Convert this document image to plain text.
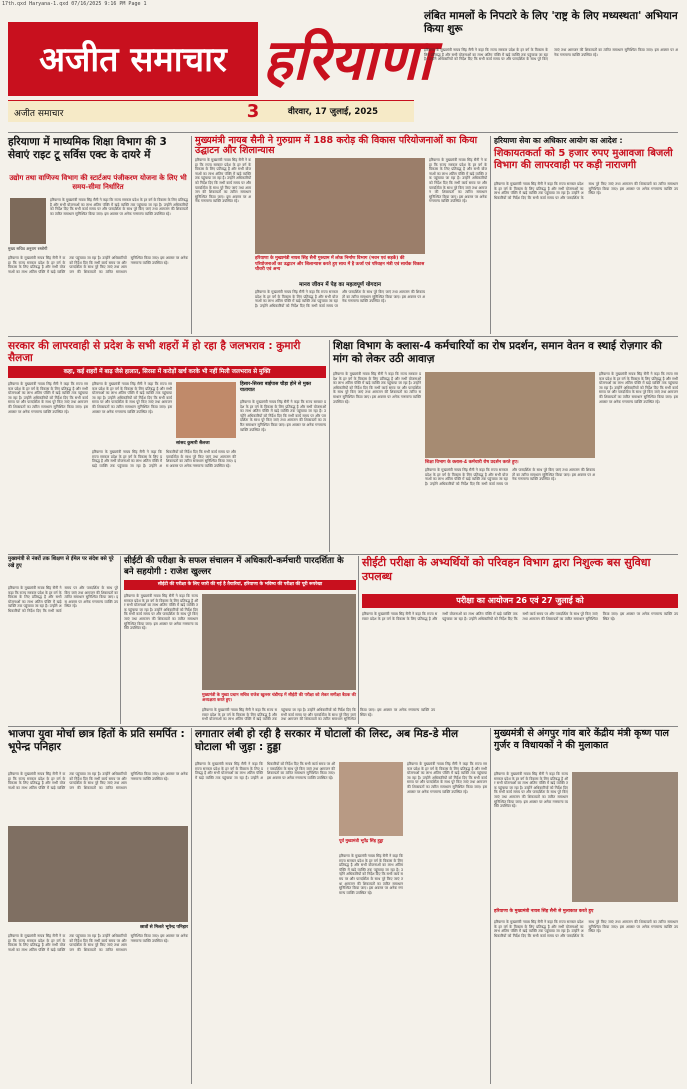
17th.qxd Haryana-1.qxd 07/16/2025 9:16 PM Page 1
अजीत समाचार हरियाणा
अजीत समाचार	3	वीरवार, 17 जुलाई, 2025
लंबित मामलों के निपटारे के लिए 'राष्ट्र के लिए मध्यस्थता' अभियान किया शुरू
हरियाणा के मुख्यमंत्री नायब सिंह सैनी ने कहा कि राज्य सरकार प्रदेश के हर वर्ग के विकास के लिए प्रतिबद्ध है और सभी योजनाओं का लाभ अंतिम पंक्ति में खड़े व्यक्ति तक पहुंचाया जा रहा है। उन्होंने अधिकारियों को निर्देश दिए कि सभी कार्य समय पर और पारदर्शिता के साथ पूरे किए जाएं तथा आमजन की शिकायतों का त्वरित समाधान सुनिश्चित किया जाए। इस अवसर पर अनेक गणमान्य व्यक्ति उपस्थित रहे।
हरियाणा में माध्यमिक शिक्षा विभाग की 3 सेवाएं राइट टू सर्विस एक्ट के दायरे में
उद्योग तथा वाणिज्य विभाग की स्टार्टअप पंजीकरण योजना के लिए भी समय-सीमा निर्धारित
हरियाणा के मुख्यमंत्री नायब सिंह सैनी ने कहा कि राज्य सरकार प्रदेश के हर वर्ग के विकास के लिए प्रतिबद्ध है और सभी योजनाओं का लाभ अंतिम पंक्ति में खड़े व्यक्ति तक पहुंचाया जा रहा है। उन्होंने अधिकारियों को निर्देश दिए कि सभी कार्य समय पर और पारदर्शिता के साथ पूरे किए जाएं तथा आमजन की शिकायतों का त्वरित समाधान सुनिश्चित किया जाए। इस अवसर पर अनेक गणमान्य व्यक्ति उपस्थित रहे।
मुख्य सचिव अनुराग रस्तोगी
हरियाणा के मुख्यमंत्री नायब सिंह सैनी ने कहा कि राज्य सरकार प्रदेश के हर वर्ग के विकास के लिए प्रतिबद्ध है और सभी योजनाओं का लाभ अंतिम पंक्ति में खड़े व्यक्ति तक पहुंचाया जा रहा है। उन्होंने अधिकारियों को निर्देश दिए कि सभी कार्य समय पर और पारदर्शिता के साथ पूरे किए जाएं तथा आमजन की शिकायतों का त्वरित समाधान सुनिश्चित किया जाए। इस अवसर पर अनेक गणमान्य व्यक्ति उपस्थित रहे।
मुख्यमंत्री नायब सैनी ने गुरुग्राम में 188 करोड़ की विकास परियोजनाओं का किया उद्घाटन और शिलान्यास
हरियाणा के मुख्यमंत्री नायब सिंह सैनी ने कहा कि राज्य सरकार प्रदेश के हर वर्ग के विकास के लिए प्रतिबद्ध है और सभी योजनाओं का लाभ अंतिम पंक्ति में खड़े व्यक्ति तक पहुंचाया जा रहा है। उन्होंने अधिकारियों को निर्देश दिए कि सभी कार्य समय पर और पारदर्शिता के साथ पूरे किए जाएं तथा आमजन की शिकायतों का त्वरित समाधान सुनिश्चित किया जाए। इस अवसर पर अनेक गणमान्य व्यक्ति उपस्थित रहे।
हरियाणा के मुख्यमंत्री नायब सिंह सैनी गुरुग्राम में लोक निर्माण विभाग (भवन एवं सड़कें) की परियोजनाओं का उद्घाटन और शिलान्यास करते हुए साथ में है ऊर्जा एवं परिवहन मंत्री एवं सार्थक विकास चौधरी एवं अन्य
हरियाणा के मुख्यमंत्री नायब सिंह सैनी ने कहा कि राज्य सरकार प्रदेश के हर वर्ग के विकास के लिए प्रतिबद्ध है और सभी योजनाओं का लाभ अंतिम पंक्ति में खड़े व्यक्ति तक पहुंचाया जा रहा है। उन्होंने अधिकारियों को निर्देश दिए कि सभी कार्य समय पर और पारदर्शिता के साथ पूरे किए जाएं तथा आमजन की शिकायतों का त्वरित समाधान सुनिश्चित किया जाए। इस अवसर पर अनेक गणमान्य व्यक्ति उपस्थित रहे।
मानव जीवन में पेड़ का महत्वपूर्ण योगदान
हरियाणा के मुख्यमंत्री नायब सिंह सैनी ने कहा कि राज्य सरकार प्रदेश के हर वर्ग के विकास के लिए प्रतिबद्ध है और सभी योजनाओं का लाभ अंतिम पंक्ति में खड़े व्यक्ति तक पहुंचाया जा रहा है। उन्होंने अधिकारियों को निर्देश दिए कि सभी कार्य समय पर और पारदर्शिता के साथ पूरे किए जाएं तथा आमजन की शिकायतों का त्वरित समाधान सुनिश्चित किया जाए। इस अवसर पर अनेक गणमान्य व्यक्ति उपस्थित रहे।
हरियाणा सेवा का अधिकार आयोग का आदेश :
शिकायतकर्ता को 5 हजार रुपए मुआवजा बिजली विभाग की लापरवाही पर कड़ी नाराजगी
हरियाणा के मुख्यमंत्री नायब सिंह सैनी ने कहा कि राज्य सरकार प्रदेश के हर वर्ग के विकास के लिए प्रतिबद्ध है और सभी योजनाओं का लाभ अंतिम पंक्ति में खड़े व्यक्ति तक पहुंचाया जा रहा है। उन्होंने अधिकारियों को निर्देश दिए कि सभी कार्य समय पर और पारदर्शिता के साथ पूरे किए जाएं तथा आमजन की शिकायतों का त्वरित समाधान सुनिश्चित किया जाए। इस अवसर पर अनेक गणमान्य व्यक्ति उपस्थित रहे।
सरकार की लापरवाही से प्रदेश के सभी शहरों में हो रहा है जलभराव : कुमारी सैलजा
कहा, कई शहरों में बाढ़ जैसे हालात, सिरसा में करोड़ों खर्च करके भी नहीं मिली जलभराव से मुक्ति
हरियाणा के मुख्यमंत्री नायब सिंह सैनी ने कहा कि राज्य सरकार प्रदेश के हर वर्ग के विकास के लिए प्रतिबद्ध है और सभी योजनाओं का लाभ अंतिम पंक्ति में खड़े व्यक्ति तक पहुंचाया जा रहा है। उन्होंने अधिकारियों को निर्देश दिए कि सभी कार्य समय पर और पारदर्शिता के साथ पूरे किए जाएं तथा आमजन की शिकायतों का त्वरित समाधान सुनिश्चित किया जाए। इस अवसर पर अनेक गणमान्य व्यक्ति उपस्थित रहे।
हरियाणा के मुख्यमंत्री नायब सिंह सैनी ने कहा कि राज्य सरकार प्रदेश के हर वर्ग के विकास के लिए प्रतिबद्ध है और सभी योजनाओं का लाभ अंतिम पंक्ति में खड़े व्यक्ति तक पहुंचाया जा रहा है। उन्होंने अधिकारियों को निर्देश दिए कि सभी कार्य समय पर और पारदर्शिता के साथ पूरे किए जाएं तथा आमजन की शिकायतों का त्वरित समाधान सुनिश्चित किया जाए। इस अवसर पर अनेक गणमान्य व्यक्ति उपस्थित रहे।
सांसद कुमारी सैलजा
हरियाणा के मुख्यमंत्री नायब सिंह सैनी ने कहा कि राज्य सरकार प्रदेश के हर वर्ग के विकास के लिए प्रतिबद्ध है और सभी योजनाओं का लाभ अंतिम पंक्ति में खड़े व्यक्ति तक पहुंचाया जा रहा है। उन्होंने अधिकारियों को निर्देश दिए कि सभी कार्य समय पर और पारदर्शिता के साथ पूरे किए जाएं तथा आमजन की शिकायतों का त्वरित समाधान सुनिश्चित किया जाए। इस अवसर पर अनेक गणमान्य व्यक्ति उपस्थित रहे।
हिसार-सिरसा बाईपास चौड़ा होने से मुक्त यातायात
हरियाणा के मुख्यमंत्री नायब सिंह सैनी ने कहा कि राज्य सरकार प्रदेश के हर वर्ग के विकास के लिए प्रतिबद्ध है और सभी योजनाओं का लाभ अंतिम पंक्ति में खड़े व्यक्ति तक पहुंचाया जा रहा है। उन्होंने अधिकारियों को निर्देश दिए कि सभी कार्य समय पर और पारदर्शिता के साथ पूरे किए जाएं तथा आमजन की शिकायतों का त्वरित समाधान सुनिश्चित किया जाए। इस अवसर पर अनेक गणमान्य व्यक्ति उपस्थित रहे।
शिक्षा विभाग के क्लास-4 कर्मचारियों का रोष प्रदर्शन, समान वेतन व स्थाई रोज़गार की मांग को लेकर उठी आवाज़
हरियाणा के मुख्यमंत्री नायब सिंह सैनी ने कहा कि राज्य सरकार प्रदेश के हर वर्ग के विकास के लिए प्रतिबद्ध है और सभी योजनाओं का लाभ अंतिम पंक्ति में खड़े व्यक्ति तक पहुंचाया जा रहा है। उन्होंने अधिकारियों को निर्देश दिए कि सभी कार्य समय पर और पारदर्शिता के साथ पूरे किए जाएं तथा आमजन की शिकायतों का त्वरित समाधान सुनिश्चित किया जाए। इस अवसर पर अनेक गणमान्य व्यक्ति उपस्थित रहे।
शिक्षा विभाग के क्लास-4 कर्मचारी रोष प्रदर्शन करते हुए।
हरियाणा के मुख्यमंत्री नायब सिंह सैनी ने कहा कि राज्य सरकार प्रदेश के हर वर्ग के विकास के लिए प्रतिबद्ध है और सभी योजनाओं का लाभ अंतिम पंक्ति में खड़े व्यक्ति तक पहुंचाया जा रहा है। उन्होंने अधिकारियों को निर्देश दिए कि सभी कार्य समय पर और पारदर्शिता के साथ पूरे किए जाएं तथा आमजन की शिकायतों का त्वरित समाधान सुनिश्चित किया जाए। इस अवसर पर अनेक गणमान्य व्यक्ति उपस्थित रहे।
हरियाणा के मुख्यमंत्री नायब सिंह सैनी ने कहा कि राज्य सरकार प्रदेश के हर वर्ग के विकास के लिए प्रतिबद्ध है और सभी योजनाओं का लाभ अंतिम पंक्ति में खड़े व्यक्ति तक पहुंचाया जा रहा है। उन्होंने अधिकारियों को निर्देश दिए कि सभी कार्य समय पर और पारदर्शिता के साथ पूरे किए जाएं तथा आमजन की शिकायतों का त्वरित समाधान सुनिश्चित किया जाए। इस अवसर पर अनेक गणमान्य व्यक्ति उपस्थित रहे।
मुख्यमंत्री से नंबरों तक शिक्षण से ईमेल पर संदेश बसे पूरे रखे हुए
हरियाणा के मुख्यमंत्री नायब सिंह सैनी ने कहा कि राज्य सरकार प्रदेश के हर वर्ग के विकास के लिए प्रतिबद्ध है और सभी योजनाओं का लाभ अंतिम पंक्ति में खड़े व्यक्ति तक पहुंचाया जा रहा है। उन्होंने अधिकारियों को निर्देश दिए कि सभी कार्य समय पर और पारदर्शिता के साथ पूरे किए जाएं तथा आमजन की शिकायतों का त्वरित समाधान सुनिश्चित किया जाए। इस अवसर पर अनेक गणमान्य व्यक्ति उपस्थित रहे।
सीईटी की परीक्षा के सफल संचालन में अधिकारी-कर्मचारी पारदर्शिता के बने सहयोगी : राजेश खुल्लर
सीईटी की परीक्षा के लिए जारी की गई है तैयारियां, हरियाणा के भविष्य की परीक्षा की पूरी रूपरेखा
हरियाणा के मुख्यमंत्री नायब सिंह सैनी ने कहा कि राज्य सरकार प्रदेश के हर वर्ग के विकास के लिए प्रतिबद्ध है और सभी योजनाओं का लाभ अंतिम पंक्ति में खड़े व्यक्ति तक पहुंचाया जा रहा है। उन्होंने अधिकारियों को निर्देश दिए कि सभी कार्य समय पर और पारदर्शिता के साथ पूरे किए जाएं तथा आमजन की शिकायतों का त्वरित समाधान सुनिश्चित किया जाए। इस अवसर पर अनेक गणमान्य व्यक्ति उपस्थित रहे।
मुख्यमंत्री के मुख्य प्रधान सचिव राजेश खुल्लर चंडीगढ़ में सीईटी की परीक्षा को लेकर समीक्षा बैठक की अध्यक्षता करते हुए।
हरियाणा के मुख्यमंत्री नायब सिंह सैनी ने कहा कि राज्य सरकार प्रदेश के हर वर्ग के विकास के लिए प्रतिबद्ध है और सभी योजनाओं का लाभ अंतिम पंक्ति में खड़े व्यक्ति तक पहुंचाया जा रहा है। उन्होंने अधिकारियों को निर्देश दिए कि सभी कार्य समय पर और पारदर्शिता के साथ पूरे किए जाएं तथा आमजन की शिकायतों का त्वरित समाधान सुनिश्चित किया जाए। इस अवसर पर अनेक गणमान्य व्यक्ति उपस्थित रहे।
सीईटी परीक्षा के अभ्यर्थियों को परिवहन विभाग द्वारा निशुल्क बस सुविधा उपलब्ध
परीक्षा का आयोजन 26 एवं 27 जुलाई को
हरियाणा के मुख्यमंत्री नायब सिंह सैनी ने कहा कि राज्य सरकार प्रदेश के हर वर्ग के विकास के लिए प्रतिबद्ध है और सभी योजनाओं का लाभ अंतिम पंक्ति में खड़े व्यक्ति तक पहुंचाया जा रहा है। उन्होंने अधिकारियों को निर्देश दिए कि सभी कार्य समय पर और पारदर्शिता के साथ पूरे किए जाएं तथा आमजन की शिकायतों का त्वरित समाधान सुनिश्चित किया जाए। इस अवसर पर अनेक गणमान्य व्यक्ति उपस्थित रहे।
भाजपा युवा मोर्चा छात्र हितों के प्रति समर्पित : भूपेन्द्र पनिहार
हरियाणा के मुख्यमंत्री नायब सिंह सैनी ने कहा कि राज्य सरकार प्रदेश के हर वर्ग के विकास के लिए प्रतिबद्ध है और सभी योजनाओं का लाभ अंतिम पंक्ति में खड़े व्यक्ति तक पहुंचाया जा रहा है। उन्होंने अधिकारियों को निर्देश दिए कि सभी कार्य समय पर और पारदर्शिता के साथ पूरे किए जाएं तथा आमजन की शिकायतों का त्वरित समाधान सुनिश्चित किया जाए। इस अवसर पर अनेक गणमान्य व्यक्ति उपस्थित रहे।
छात्रों से मिलते भूपेन्द्र पनिहार
हरियाणा के मुख्यमंत्री नायब सिंह सैनी ने कहा कि राज्य सरकार प्रदेश के हर वर्ग के विकास के लिए प्रतिबद्ध है और सभी योजनाओं का लाभ अंतिम पंक्ति में खड़े व्यक्ति तक पहुंचाया जा रहा है। उन्होंने अधिकारियों को निर्देश दिए कि सभी कार्य समय पर और पारदर्शिता के साथ पूरे किए जाएं तथा आमजन की शिकायतों का त्वरित समाधान सुनिश्चित किया जाए। इस अवसर पर अनेक गणमान्य व्यक्ति उपस्थित रहे।
लगातार लंबी हो रही है सरकार में घोटालों की लिस्ट, अब मिड-डे मील घोटाला भी जुड़ा : हुड्डा
हरियाणा के मुख्यमंत्री नायब सिंह सैनी ने कहा कि राज्य सरकार प्रदेश के हर वर्ग के विकास के लिए प्रतिबद्ध है और सभी योजनाओं का लाभ अंतिम पंक्ति में खड़े व्यक्ति तक पहुंचाया जा रहा है। उन्होंने अधिकारियों को निर्देश दिए कि सभी कार्य समय पर और पारदर्शिता के साथ पूरे किए जाएं तथा आमजन की शिकायतों का त्वरित समाधान सुनिश्चित किया जाए। इस अवसर पर अनेक गणमान्य व्यक्ति उपस्थित रहे।
पूर्व मुख्यमंत्री भूपेंद्र सिंह हुड्डा
हरियाणा के मुख्यमंत्री नायब सिंह सैनी ने कहा कि राज्य सरकार प्रदेश के हर वर्ग के विकास के लिए प्रतिबद्ध है और सभी योजनाओं का लाभ अंतिम पंक्ति में खड़े व्यक्ति तक पहुंचाया जा रहा है। उन्होंने अधिकारियों को निर्देश दिए कि सभी कार्य समय पर और पारदर्शिता के साथ पूरे किए जाएं तथा आमजन की शिकायतों का त्वरित समाधान सुनिश्चित किया जाए। इस अवसर पर अनेक गणमान्य व्यक्ति उपस्थित रहे।
हरियाणा के मुख्यमंत्री नायब सिंह सैनी ने कहा कि राज्य सरकार प्रदेश के हर वर्ग के विकास के लिए प्रतिबद्ध है और सभी योजनाओं का लाभ अंतिम पंक्ति में खड़े व्यक्ति तक पहुंचाया जा रहा है। उन्होंने अधिकारियों को निर्देश दिए कि सभी कार्य समय पर और पारदर्शिता के साथ पूरे किए जाएं तथा आमजन की शिकायतों का त्वरित समाधान सुनिश्चित किया जाए। इस अवसर पर अनेक गणमान्य व्यक्ति उपस्थित रहे।
मुख्यमंत्री से अंगपुर गांव बारे केंद्रीय मंत्री कृष्ण पाल गुर्जर व विधायकों ने की मुलाकात
हरियाणा के मुख्यमंत्री नायब सिंह सैनी ने कहा कि राज्य सरकार प्रदेश के हर वर्ग के विकास के लिए प्रतिबद्ध है और सभी योजनाओं का लाभ अंतिम पंक्ति में खड़े व्यक्ति तक पहुंचाया जा रहा है। उन्होंने अधिकारियों को निर्देश दिए कि सभी कार्य समय पर और पारदर्शिता के साथ पूरे किए जाएं तथा आमजन की शिकायतों का त्वरित समाधान सुनिश्चित किया जाए। इस अवसर पर अनेक गणमान्य व्यक्ति उपस्थित रहे।
हरियाणा के मुख्यमंत्री नायब सिंह सैनी से मुलाकात करते हुए
हरियाणा के मुख्यमंत्री नायब सिंह सैनी ने कहा कि राज्य सरकार प्रदेश के हर वर्ग के विकास के लिए प्रतिबद्ध है और सभी योजनाओं का लाभ अंतिम पंक्ति में खड़े व्यक्ति तक पहुंचाया जा रहा है। उन्होंने अधिकारियों को निर्देश दिए कि सभी कार्य समय पर और पारदर्शिता के साथ पूरे किए जाएं तथा आमजन की शिकायतों का त्वरित समाधान सुनिश्चित किया जाए। इस अवसर पर अनेक गणमान्य व्यक्ति उपस्थित रहे।
